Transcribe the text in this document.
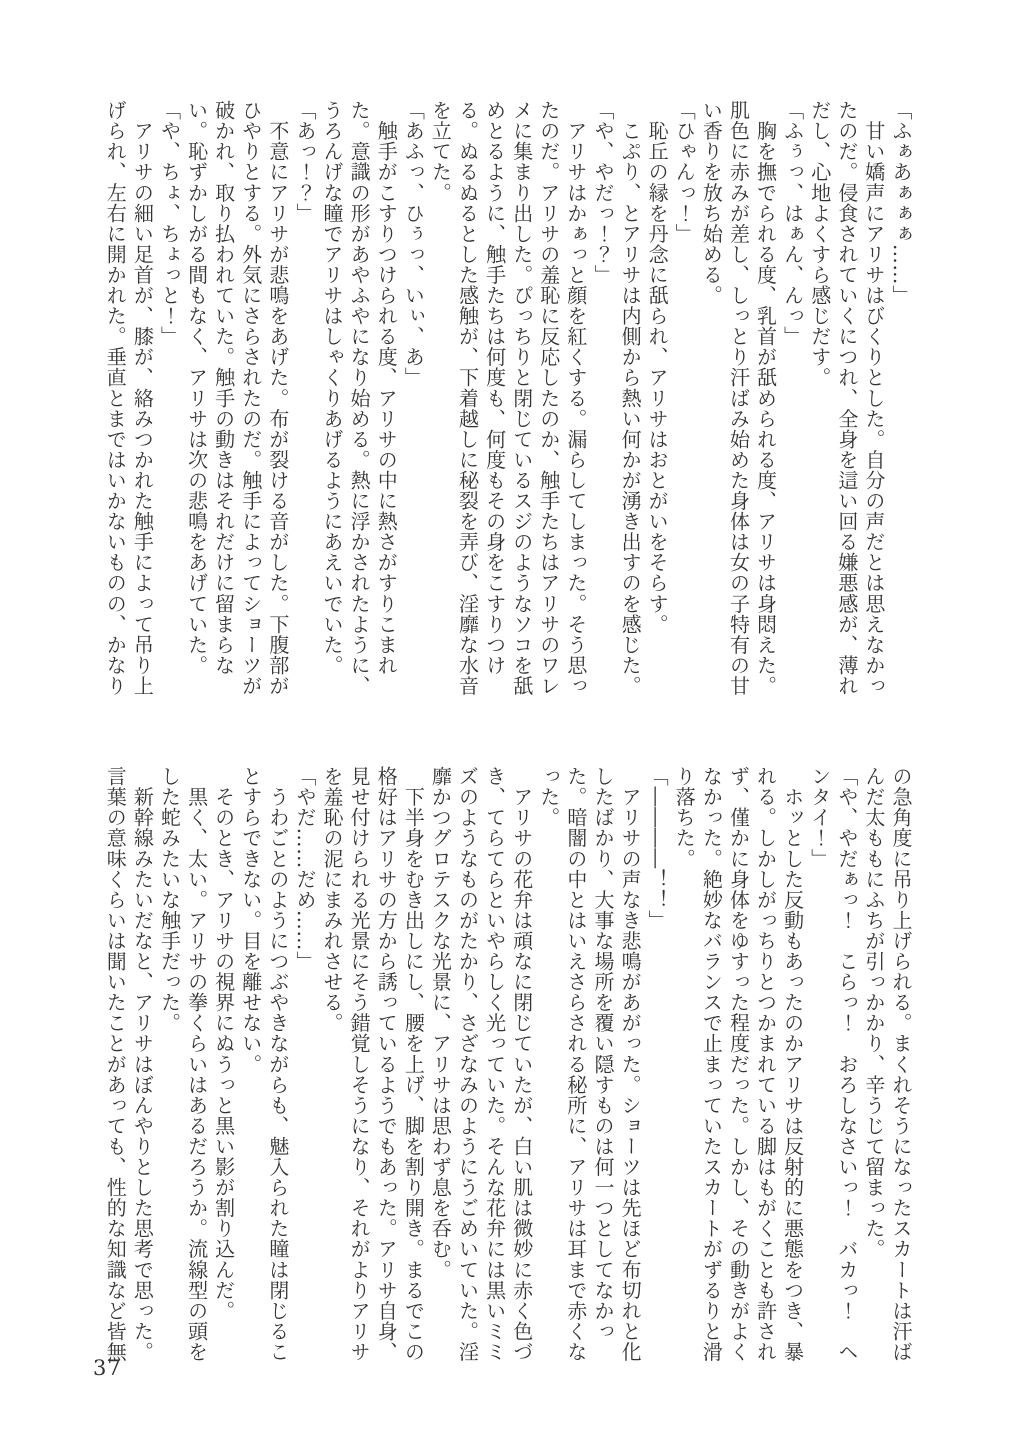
「ふぁあぁぁぁ……」
　甘い嬌声にアリサはびくりとした。自分の声だとは思えなかっ
たのだ。侵食されていくにつれ、全身を這い回る嫌悪感が、薄れ
だし、心地よくすら感じだす。
「ふぅっ、はぁん、んっ」
　胸を撫でられる度、乳首が舐められる度、アリサは身悶えた。
肌色に赤みが差し、しっとり汗ばみ始めた身体は女の子特有の甘
い香りを放ち始める。
「ひゃんっ！」
　恥丘の縁を丹念に舐られ、アリサはおとがいをそらす。
　こぷり、とアリサは内側から熱い何かが湧き出すのを感じた。
「や、やだっ！？」
　アリサはかぁっと顔を紅くする。漏らしてしまった。そう思っ
たのだ。アリサの羞恥に反応したのか、触手たちはアリサのワレ
メに集まり出した。ぴっちりと閉じているスジのようなソコを舐
めとるように、触手たちは何度も、何度もその身をこすりつけ
る。ぬるぬるとした感触が、下着越しに秘裂を弄び、淫靡な水音
を立てた。
「あふっ、ひぅっ、いぃ、あ」
　触手がこすりつけられる度、アリサの中に熱さがすりこまれ
た。意識の形があやふやになり始める。熱に浮かされたように、
うろんげな瞳でアリサはしゃくりあげるようにあえいでいた。
「あっ！？」
　不意にアリサが悲鳴をあげた。布が裂ける音がした。下腹部が
ひやりとする。外気にさらされたのだ。触手によってショーツが
破かれ、取り払われていた。触手の動きはそれだけに留まらな
い。恥ずかしがる間もなく、アリサは次の悲鳴をあげていた。
「や、ちょ、ちょっと！」
　アリサの細い足首が、膝が、絡みつかれた触手によって吊り上
げられ、左右に開かれた。垂直とまではいかないものの、かなり
の急角度に吊り上げられる。まくれそうになったスカートは汗ば
んだ太ももにふちが引っかかり、辛うじて留まった。
「や、やだぁっ！　こらっ！　おろしなさいっ！　バカっ！　ヘ
ンタイ！」
　ホッとした反動もあったのかアリサは反射的に悪態をつき、暴
れる。しかしがっちりとつかまれている脚はもがくことも許され
ず、僅かに身体をゆすった程度だった。しかし、その動きがよく
なかった。絶妙なバランスで止まっていたスカートがずるりと滑
り落ちた。
「――――！！」
　アリサの声なき悲鳴があがった。ショーツは先ほど布切れと化
したばかり、大事な場所を覆い隠すものは何一つとしてなかっ
た。暗闇の中とはいえさらされる秘所に、アリサは耳まで赤くな
った。
　アリサの花弁は頑なに閉じていたが、白い肌は微妙に赤く色づ
き、てらてらといやらしく光っていた。そんな花弁には黒いミミ
ズのようなものがたかり、さざなみのようにうごめいていた。淫
靡かつグロテスクな光景に、アリサは思わず息を呑む。
　下半身をむき出しにし、腰を上げ、脚を割り開き。まるでこの
格好はアリサの方から誘っているようでもあった。アリサ自身、
見せ付けられる光景にそう錯覚しそうになり、それがよりアリサ
を羞恥の泥にまみれさせる。
「やだ……だめ……」
　うわごとのようにつぶやきながらも、魅入られた瞳は閉じるこ
とすらできない。目を離せない。
　そのとき、アリサの視界にぬうっと黒い影が割り込んだ。
　黒く、太い。アリサの拳くらいはあるだろうか。流線型の頭を
した蛇みたいな触手だった。
　新幹線みたいだなと、アリサはぼんやりとした思考で思った。
言葉の意味くらいは聞いたことがあっても、性的な知識など皆無
37
